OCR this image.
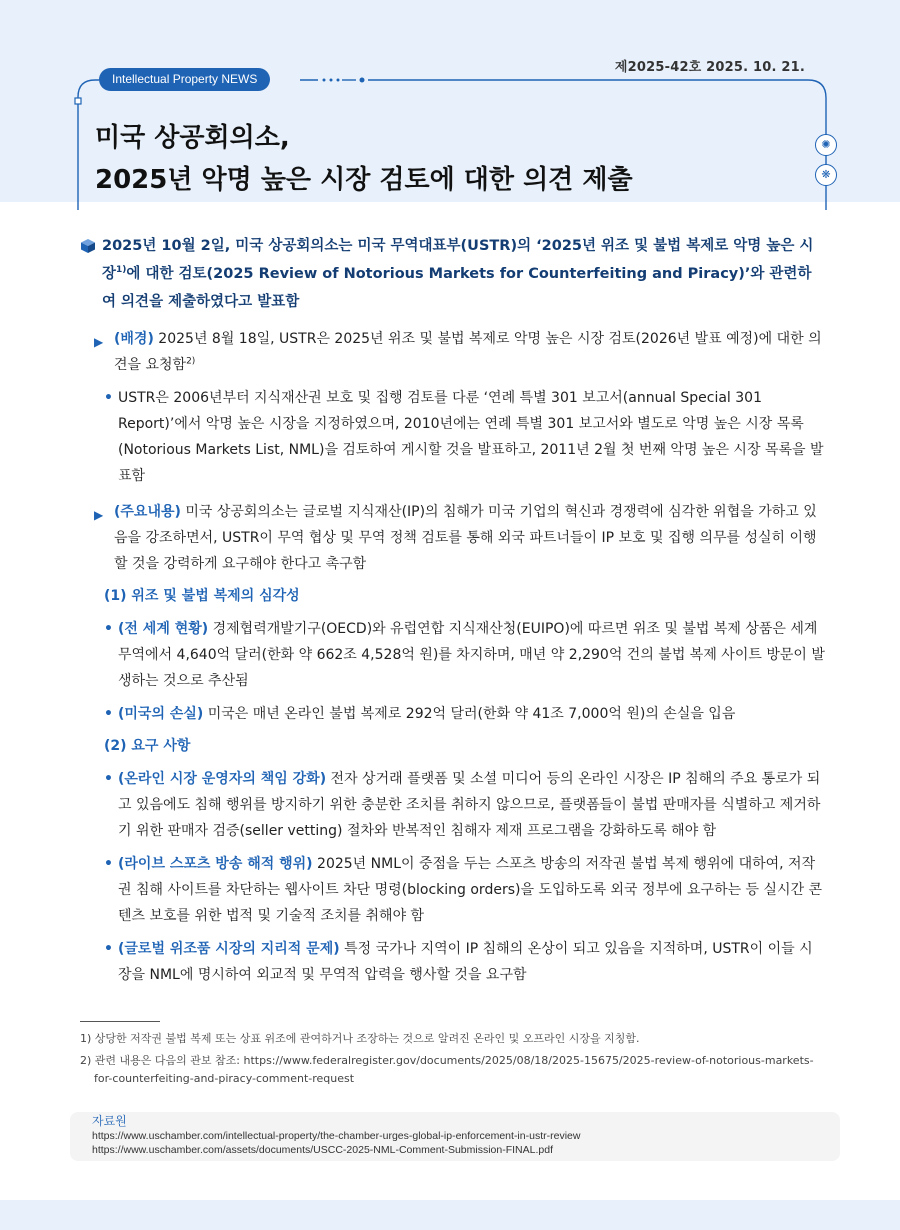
제2025-42호 2025. 10. 21.
Intellectual Property NEWS
미국 상공회의소,
2025년 악명 높은 시장 검토에 대한 의견 제출
✺
❋
2025년 10월 2일, 미국 상공회의소는 미국 무역대표부(USTR)의 ‘2025년 위조 및 불법 복제로 악명 높은 시장$^{1)}$에 대한 검토(2025 Review of Notorious Markets for Counterfeiting and Piracy)’와 관련하여 의견을 제출하였다고 발표함
▶ (배경) 2025년 8월 18일, USTR은 2025년 위조 및 불법 복제로 악명 높은 시장 검토(2026년 발표 예정)에 대한 의견을 요청함$^{2)}$
• USTR은 2006년부터 지식재산권 보호 및 집행 검토를 다룬 ‘연례 특별 301 보고서(annual Special 301 Report)’에서 악명 높은 시장을 지정하였으며, 2010년에는 연례 특별 301 보고서와 별도로 악명 높은 시장 목록(Notorious Markets List, NML)을 검토하여 게시할 것을 발표하고, 2011년 2월 첫 번째 악명 높은 시장 목록을 발표함
▶ (주요내용) 미국 상공회의소는 글로벌 지식재산(IP)의 침해가 미국 기업의 혁신과 경쟁력에 심각한 위협을 가하고 있음을 강조하면서, USTR이 무역 협상 및 무역 정책 검토를 통해 외국 파트너들이 IP 보호 및 집행 의무를 성실히 이행할 것을 강력하게 요구해야 한다고 촉구함
(1) 위조 및 불법 복제의 심각성
• (전 세계 현황) 경제협력개발기구(OECD)와 유럽연합 지식재산청(EUIPO)에 따르면 위조 및 불법 복제 상품은 세계무역에서 4,640억 달러(한화 약 662조 4,528억 원)를 차지하며, 매년 약 2,290억 건의 불법 복제 사이트 방문이 발생하는 것으로 추산됨
• (미국의 손실) 미국은 매년 온라인 불법 복제로 292억 달러(한화 약 41조 7,000억 원)의 손실을 입음
(2) 요구 사항
• (온라인 시장 운영자의 책임 강화) 전자 상거래 플랫폼 및 소셜 미디어 등의 온라인 시장은 IP 침해의 주요 통로가 되고 있음에도 침해 행위를 방지하기 위한 충분한 조치를 취하지 않으므로, 플랫폼들이 불법 판매자를 식별하고 제거하기 위한 판매자 검증(seller vetting) 절차와 반복적인 침해자 제재 프로그램을 강화하도록 해야 함
• (라이브 스포츠 방송 해적 행위) 2025년 NML이 중점을 두는 스포츠 방송의 저작권 불법 복제 행위에 대하여, 저작권 침해 사이트를 차단하는 웹사이트 차단 명령(blocking orders)을 도입하도록 외국 정부에 요구하는 등 실시간 콘텐츠 보호를 위한 법적 및 기술적 조치를 취해야 함
• (글로벌 위조품 시장의 지리적 문제) 특정 국가나 지역이 IP 침해의 온상이 되고 있음을 지적하며, USTR이 이들 시장을 NML에 명시하여 외교적 및 무역적 압력을 행사할 것을 요구함
1) 상당한 저작권 불법 복제 또는 상표 위조에 관여하거나 조장하는 것으로 알려진 온라인 및 오프라인 시장을 지칭함.
2) 관련 내용은 다음의 관보 참조: https://www.federalregister.gov/documents/2025/08/18/2025-15675/2025-review-of-notorious-markets-for-counterfeiting-and-piracy-comment-request
자료원
https://www.uschamber.com/intellectual-property/the-chamber-urges-global-ip-enforcement-in-ustr-review
https://www.uschamber.com/assets/documents/USCC-2025-NML-Comment-Submission-FINAL.pdf
